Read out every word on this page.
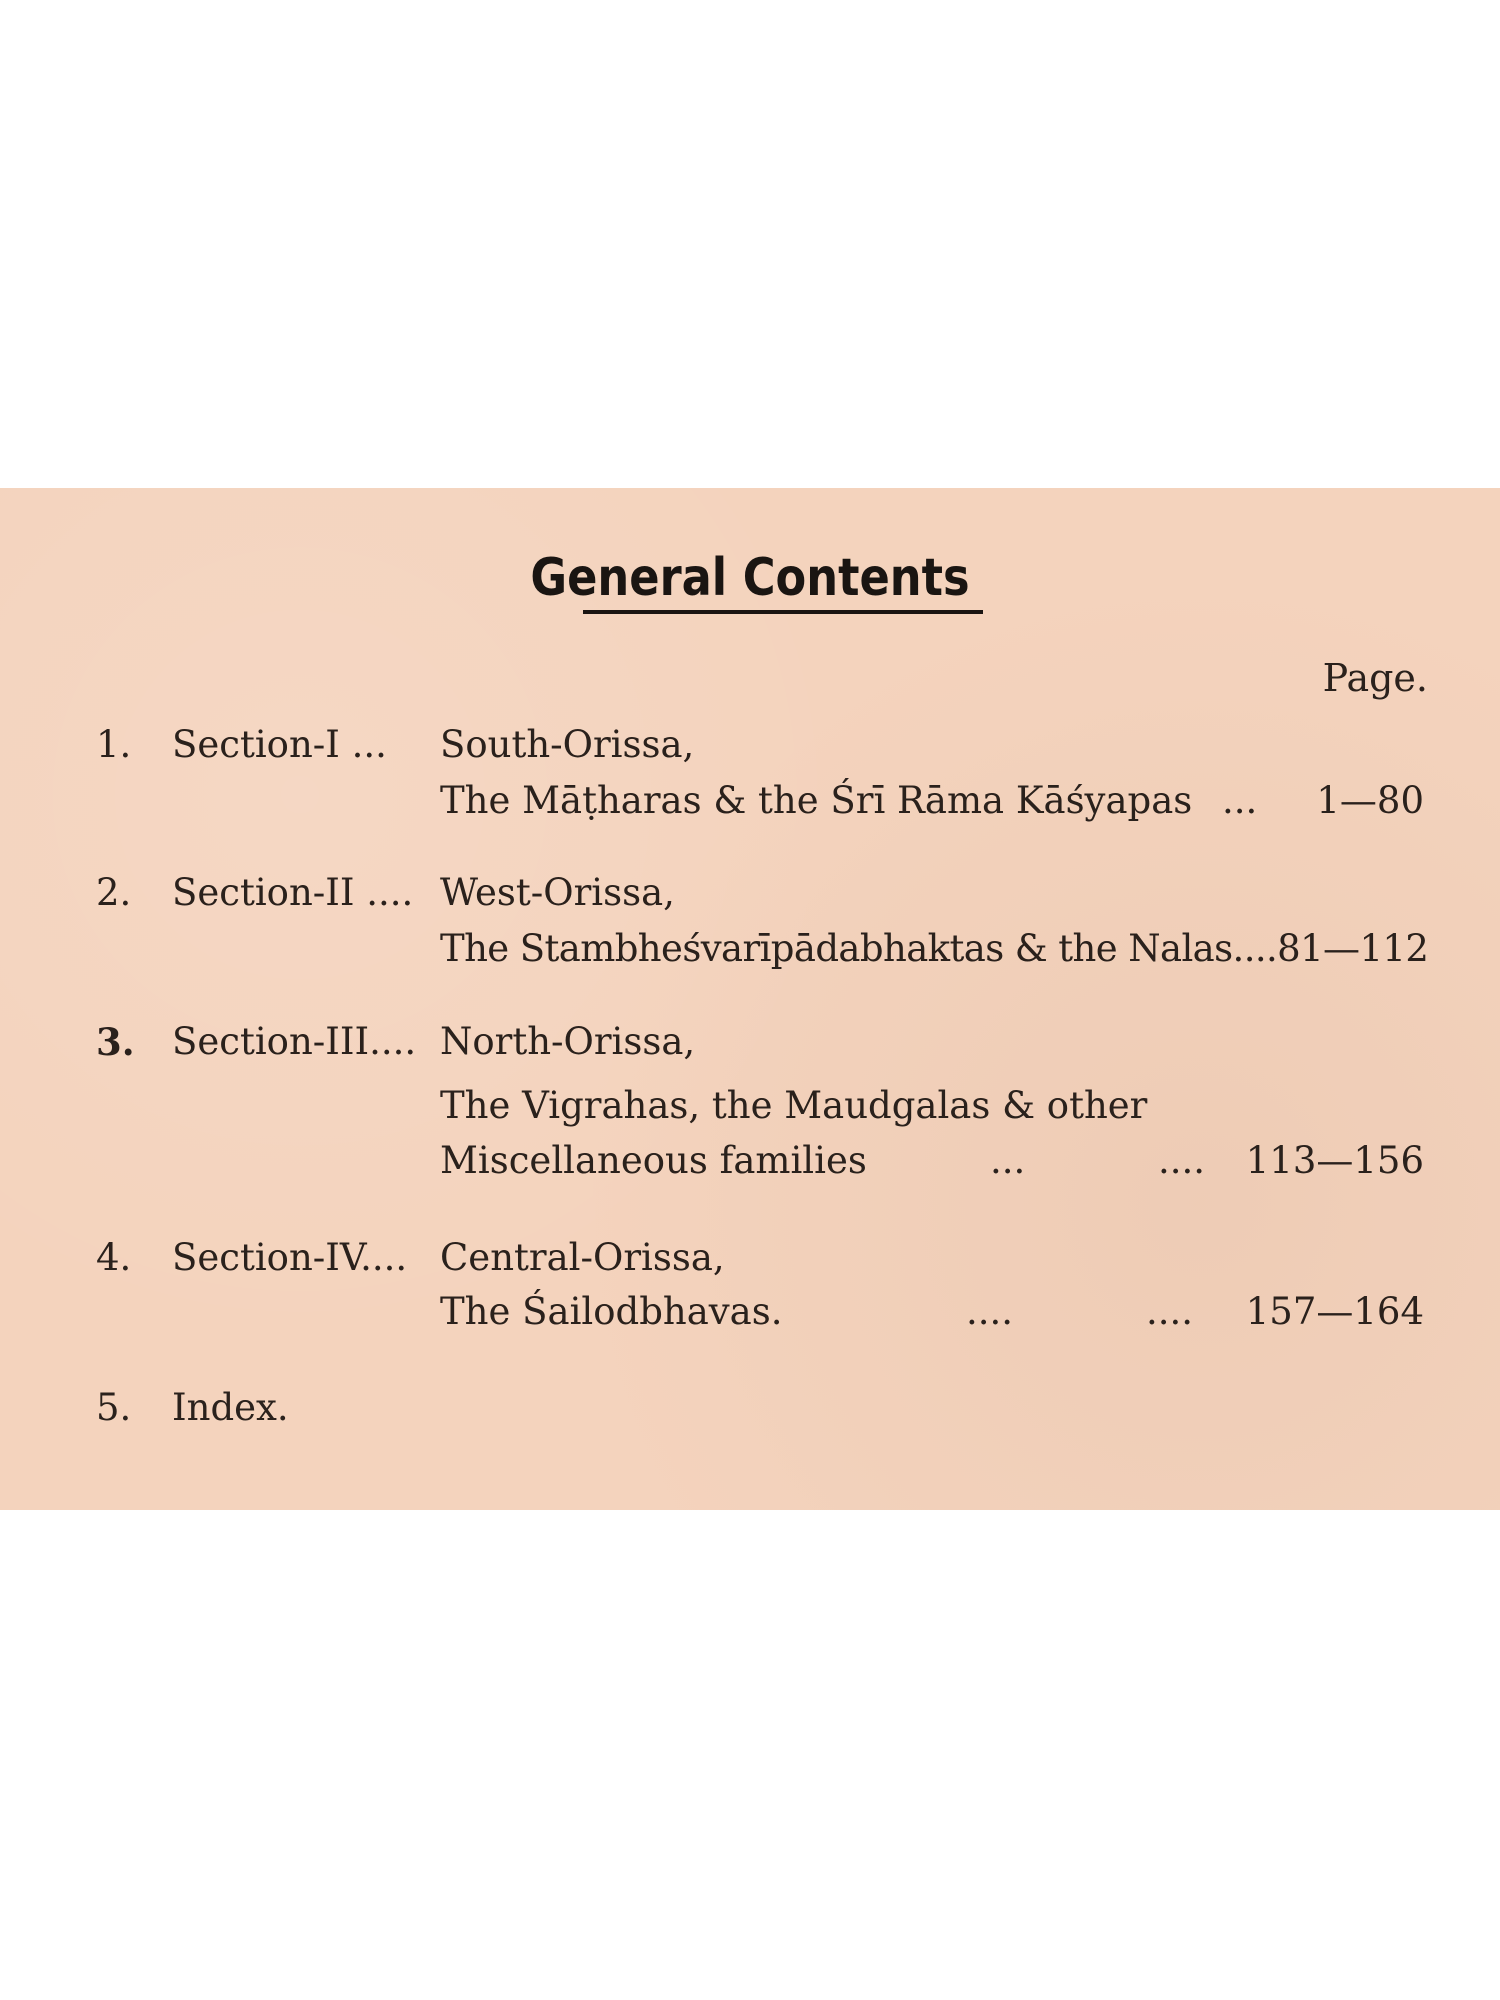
General Contents
Page.
1. Section-I ... South-Orissa,
The Māṭharas & the Śrī Rāma Kāśyapas ... 1—80
2. Section-II .... West-Orissa,
The Stambheśvarīpādabhaktas & the Nalas....81—112
3. Section-III.... North-Orissa,
The Vigrahas, the Maudgalas & other
Miscellaneous families	...	.... 113—156
4. Section-IV.... Central-Orissa,
The Śailodbhavas.	....	.... 157—164
5. Index.
